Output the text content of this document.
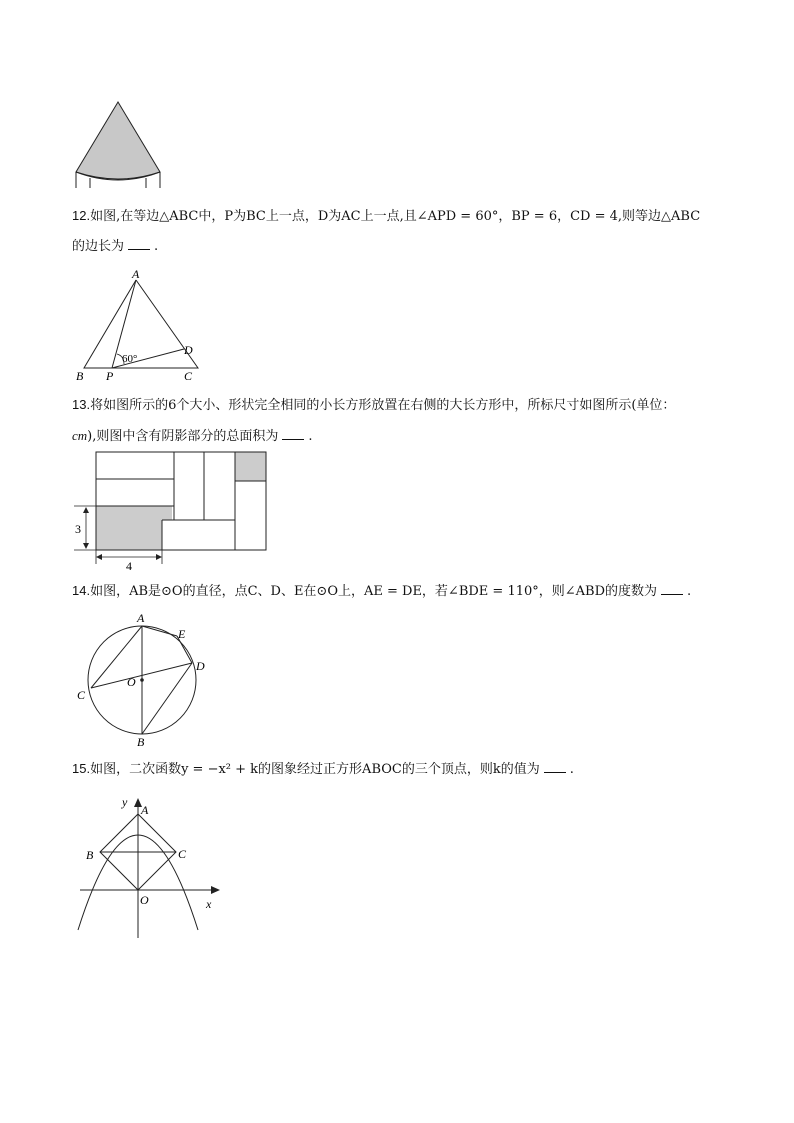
12.如图,在等边△ABC中，P为BC上一点，D为AC上一点,且∠APD = 60°，BP = 6，CD = 4,则等边△ABC
的边长为 .
A
B P	C
D
60°
13.将如图所示的6个大小、形状完全相同的小长方形放置在右侧的大长方形中，所标尺寸如图所示(单位：
cm),则图中含有阴影部分的总面积为 .
3
4
14.如图，AB是⊙O的直径，点C、D、E在⊙O上，AE = DE，若∠BDE = 110°，则∠ABD的度数为 .
A
E
D
C
O
B
15.如图，二次函数y = −x² + k的图象经过正方形ABOC的三个顶点，则k的值为 .
y
A
B	C
O	x
